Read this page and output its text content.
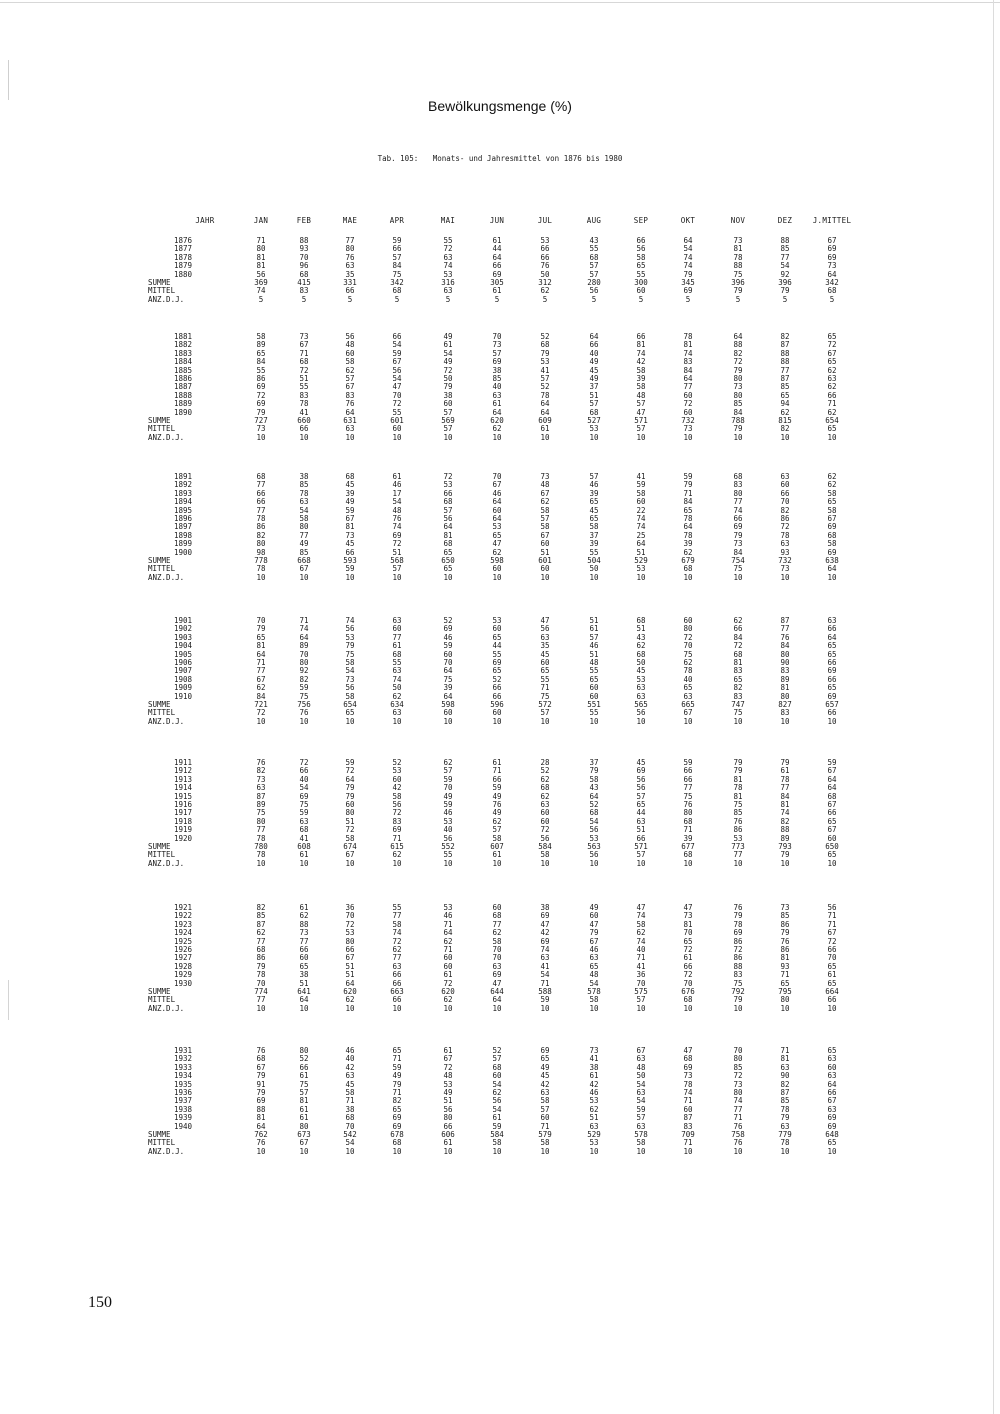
Bewölkungsmenge (%)
Tab. 105: Monats- und Jahresmittel von 1876 bis 1980
JAHR	JAN	FEB	MAE	APR	MAI	JUN	JUL	AUG	SEP	OKT	NOV	DEZ	J.MITTEL
1876	71	88	77	59	55	61	53	43	66	64	73	88	67
1877	80	93	80	66	72	44	66	55	56	54	81	85	69
1878	81	70	76	57	63	64	66	68	58	74	78	77	69
1879	81	96	63	84	74	66	76	57	65	74	88	54	73
1880	56	68	35	75	53	69	50	57	55	79	75	92	64
SUMME	369	415	331	342	316	305	312	280	300	345	396	396	342
MITTEL	74	83	66	68	63	61	62	56	60	69	79	79	68
ANZ.D.J.	5	5	5	5	5	5	5	5	5	5	5	5	5
1881	58	73	56	66	49	70	52	64	66	78	64	82	65
1882	89	67	48	54	61	73	68	66	81	81	88	87	72
1883	65	71	60	59	54	57	79	40	74	74	82	88	67
1884	84	68	58	67	49	69	53	49	42	83	72	88	65
1885	55	72	62	56	72	38	41	45	58	84	79	77	62
1886	86	51	57	54	50	85	57	49	39	64	80	87	63
1887	69	55	67	47	79	40	52	37	58	77	73	85	62
1888	72	83	83	70	38	63	78	51	48	60	80	65	66
1889	69	78	76	72	60	61	64	57	57	72	85	94	71
1890	79	41	64	55	57	64	64	68	47	60	84	62	62
SUMME	727	660	631	601	569	620	609	527	571	732	788	815	654
MITTEL	73	66	63	60	57	62	61	53	57	73	79	82	65
ANZ.D.J.	10	10	10	10	10	10	10	10	10	10	10	10	10
1891	68	38	68	61	72	70	73	57	41	59	68	63	62
1892	77	85	45	46	53	67	48	46	59	79	83	60	62
1893	66	78	39	17	66	46	67	39	58	71	80	66	58
1894	66	63	49	54	68	64	62	65	60	84	77	70	65
1895	77	54	59	48	57	60	58	45	22	65	74	82	58
1896	78	58	67	76	56	64	57	65	74	78	66	86	67
1897	86	80	81	74	64	53	58	58	74	64	69	72	69
1898	82	77	73	69	81	65	67	37	25	78	79	78	68
1899	80	49	45	72	68	47	60	39	64	39	73	63	58
1900	98	85	66	51	65	62	51	55	51	62	84	93	69
SUMME	778	668	593	568	650	598	601	504	529	679	754	732	638
MITTEL	78	67	59	57	65	60	60	50	53	68	75	73	64
ANZ.D.J.	10	10	10	10	10	10	10	10	10	10	10	10	10
1901	70	71	74	63	52	53	47	51	68	60	62	87	63
1902	79	74	56	60	69	60	56	61	51	80	66	77	66
1903	65	64	53	77	46	65	63	57	43	72	84	76	64
1904	81	89	79	61	59	44	35	46	62	70	72	84	65
1905	64	70	75	68	60	55	45	51	68	75	68	80	65
1906	71	80	58	55	70	69	60	48	50	62	81	90	66
1907	77	92	54	63	64	65	65	55	45	78	83	83	69
1908	67	82	73	74	75	52	55	65	53	40	65	89	66
1909	62	59	56	50	39	66	71	60	63	65	82	81	65
1910	84	75	58	62	64	66	75	60	63	63	83	80	69
SUMME	721	756	654	634	598	596	572	551	565	665	747	827	657
MITTEL	72	76	65	63	60	60	57	55	56	67	75	83	66
ANZ.D.J.	10	10	10	10	10	10	10	10	10	10	10	10	10
1911	76	72	59	52	62	61	28	37	45	59	79	79	59
1912	82	66	72	53	57	71	52	79	69	66	79	61	67
1913	73	40	64	60	59	66	62	58	56	66	81	78	64
1914	63	54	79	42	70	59	68	43	56	77	78	77	64
1915	87	69	79	58	49	49	62	64	57	75	81	84	68
1916	89	75	60	56	59	76	63	52	65	76	75	81	67
1917	75	59	80	72	46	49	60	68	44	80	85	74	66
1918	80	63	51	83	53	62	60	54	63	68	76	82	65
1919	77	68	72	69	40	57	72	56	51	71	86	88	67
1920	78	41	58	71	56	58	56	53	66	39	53	89	60
SUMME	780	608	674	615	552	607	584	563	571	677	773	793	650
MITTEL	78	61	67	62	55	61	58	56	57	68	77	79	65
ANZ.D.J.	10	10	10	10	10	10	10	10	10	10	10	10	10
1921	82	61	36	55	53	60	38	49	47	47	76	73	56
1922	85	62	70	77	46	68	69	60	74	73	79	85	71
1923	87	88	72	58	71	77	47	47	58	81	78	86	71
1924	62	73	53	74	64	62	42	79	62	70	69	79	67
1925	77	77	80	72	62	58	69	67	74	65	86	76	72
1926	68	66	66	62	71	70	74	46	40	72	72	86	66
1927	86	60	67	77	60	70	63	63	71	61	86	81	70
1928	79	65	51	63	60	63	41	65	41	66	88	93	65
1929	78	38	51	66	61	69	54	48	36	72	83	71	61
1930	70	51	64	66	72	47	71	54	70	70	75	65	65
SUMME	774	641	620	663	620	644	588	578	575	676	792	795	664
MITTEL	77	64	62	66	62	64	59	58	57	68	79	80	66
ANZ.D.J.	10	10	10	10	10	10	10	10	10	10	10	10	10
1931	76	80	46	65	61	52	69	73	67	47	70	71	65
1932	68	52	40	71	67	57	65	41	63	68	80	81	63
1933	67	66	42	59	72	68	49	38	48	69	85	63	60
1934	79	61	63	49	48	60	45	61	50	73	72	90	63
1935	91	75	45	79	53	54	42	42	54	78	73	82	64
1936	79	57	58	71	49	62	63	46	63	74	80	87	66
1937	69	81	71	82	51	56	58	53	54	71	74	85	67
1938	88	61	38	65	56	54	57	62	59	60	77	78	63
1939	81	61	68	69	80	61	60	51	57	87	71	79	69
1940	64	80	70	69	66	59	71	63	63	83	76	63	69
SUMME	762	673	542	678	606	584	579	529	578	709	758	779	648
MITTEL	76	67	54	68	61	58	58	53	58	71	76	78	65
ANZ.D.J.	10	10	10	10	10	10	10	10	10	10	10	10	10
150
